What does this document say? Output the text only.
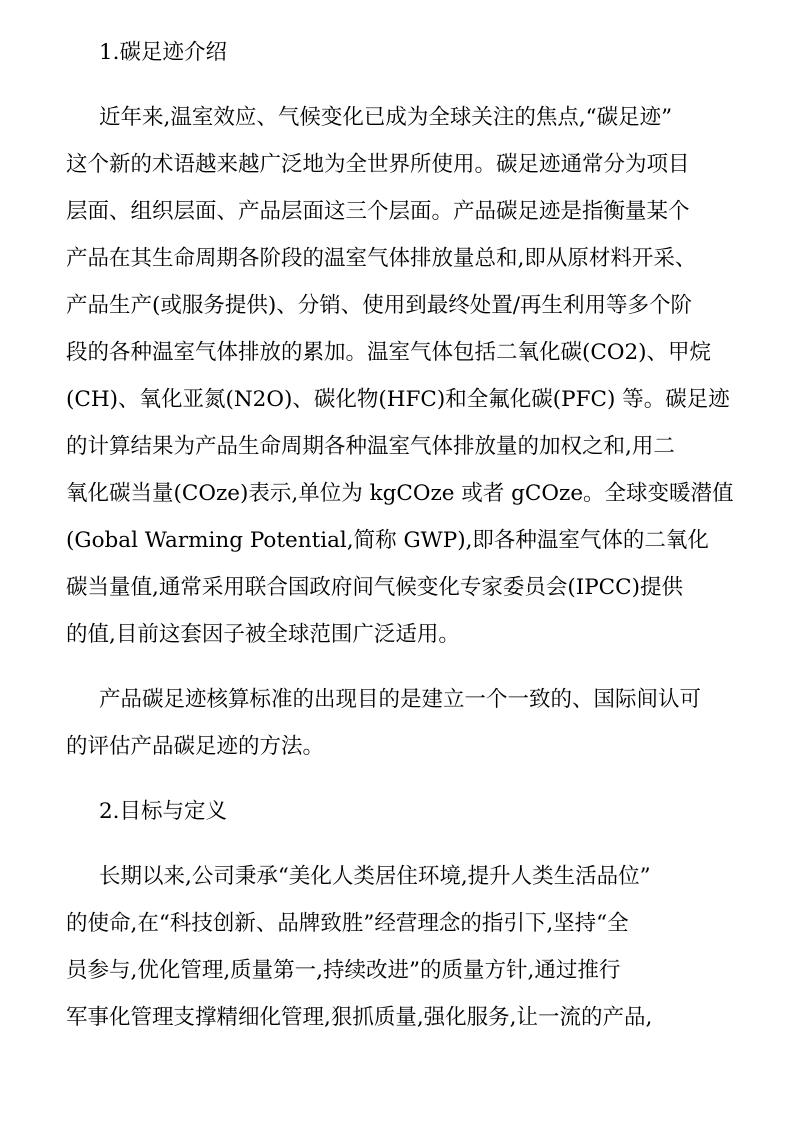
1.碳足迹介绍
近年来,温室效应、气候变化已成为全球关注的焦点,“碳足迹”
这个新的术语越来越广泛地为全世界所使用。碳足迹通常分为项目
层面、组织层面、产品层面这三个层面。产品碳足迹是指衡量某个
产品在其生命周期各阶段的温室气体排放量总和,即从原材料开采、
产品生产(或服务提供)、分销、使用到最终处置/再生利用等多个阶
段的各种温室气体排放的累加。温室气体包括二氧化碳(CO2)、甲烷
(CH)、氧化亚氮(N2O)、碳化物(HFC)和全氟化碳(PFC) 等。碳足迹
的计算结果为产品生命周期各种温室气体排放量的加权之和,用二
氧化碳当量(COze)表示,单位为 kgCOze 或者 gCOze。全球变暖潜值
(Gobal Warming Potential,简称 GWP),即各种温室气体的二氧化
碳当量值,通常采用联合国政府间气候变化专家委员会(IPCC)提供
的值,目前这套因子被全球范围广泛适用。
产品碳足迹核算标准的出现目的是建立一个一致的、国际间认可
的评估产品碳足迹的方法。
2.目标与定义
长期以来,公司秉承“美化人类居住环境,提升人类生活品位”
的使命,在“科技创新、品牌致胜”经营理念的指引下,坚持“全
员参与,优化管理,质量第一,持续改进”的质量方针,通过推行
军事化管理支撑精细化管理,狠抓质量,强化服务,让一流的产品,
